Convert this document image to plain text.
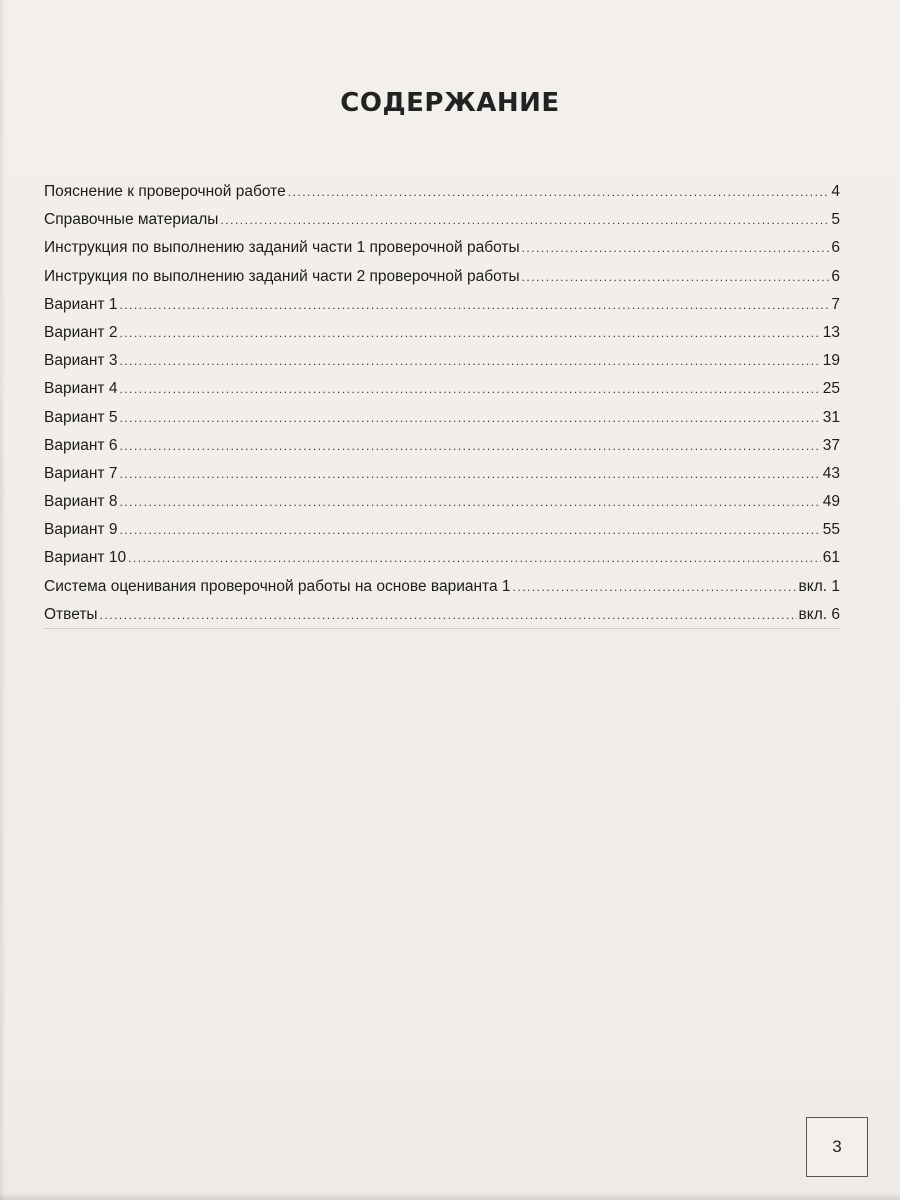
СОДЕРЖАНИЕ
Пояснение к проверочной работе .....	4
Справочные материалы .....	5
Инструкция по выполнению заданий части 1 проверочной работы .....	6
Инструкция по выполнению заданий части 2 проверочной работы .....	6
Вариант 1 .....	7
Вариант 2 .....	13
Вариант 3 .....	19
Вариант 4 .....	25
Вариант 5 .....	31
Вариант 6 .....	37
Вариант 7 .....	43
Вариант 8 .....	49
Вариант 9 .....	55
Вариант 10 .....	61
Система оценивания проверочной работы на основе варианта 1 .....	вкл. 1
Ответы .....	вкл. 6
3
